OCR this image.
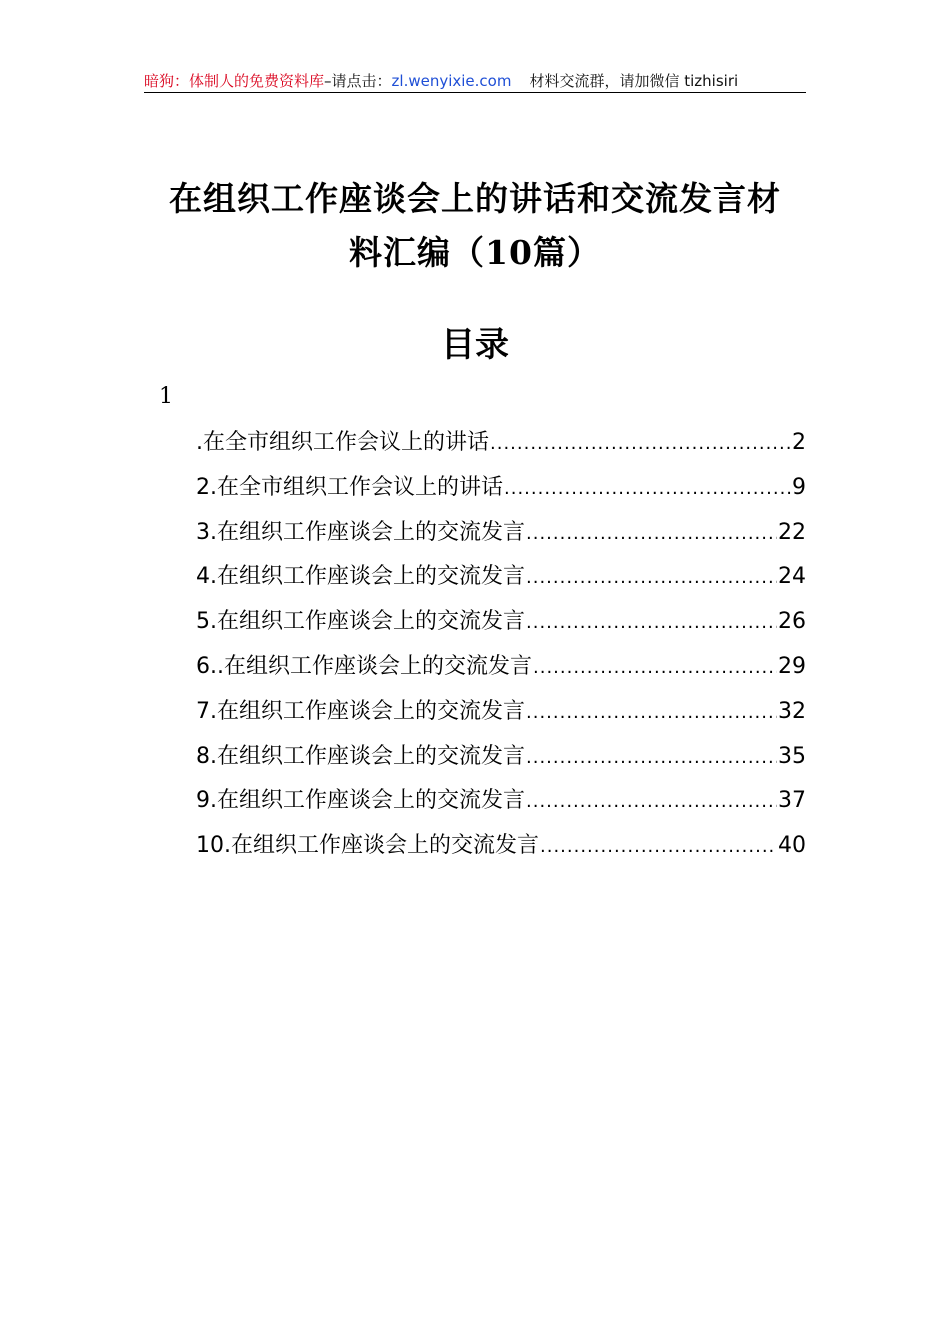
暗狗：体制人的免费资料库–请点击：zl.wenyixie.com 材料交流群，请加微信 tizhisiri
在组织工作座谈会上的讲话和交流发言材
料汇编（10篇）
目录
1
.在全市组织工作会议上的讲话 .....	2
2.在全市组织工作会议上的讲话 .....	9
3.在组织工作座谈会上的交流发言 .....	22
4.在组织工作座谈会上的交流发言 .....	24
5.在组织工作座谈会上的交流发言 .....	26
6..在组织工作座谈会上的交流发言 .....	29
7.在组织工作座谈会上的交流发言 .....	32
8.在组织工作座谈会上的交流发言 .....	35
9.在组织工作座谈会上的交流发言 .....	37
10.在组织工作座谈会上的交流发言 .....	40
